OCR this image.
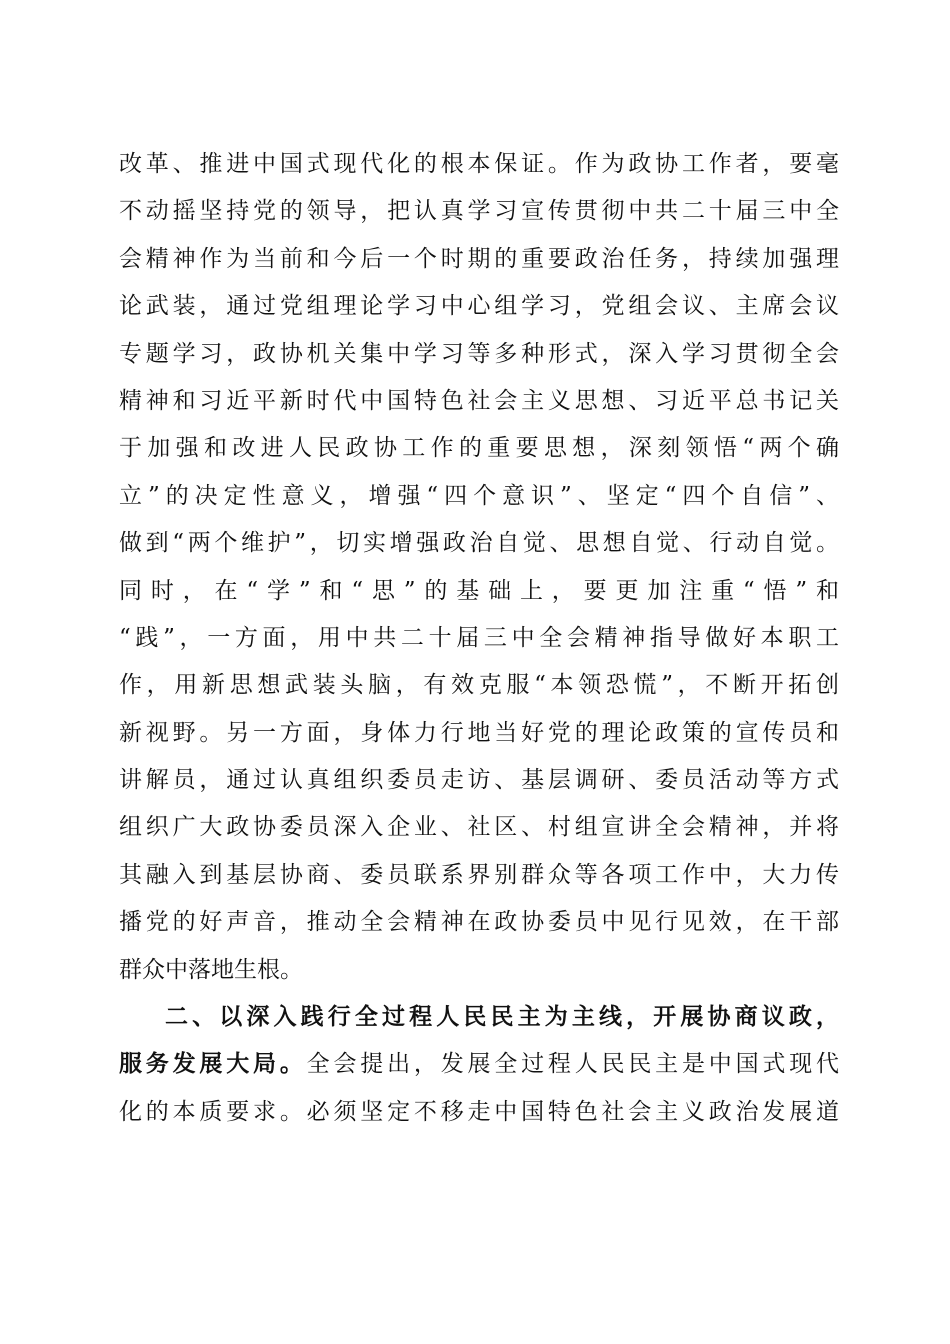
改革、推进中国式现代化的根本保证。作为政协工作者，要毫
不动摇坚持党的领导，把认真学习宣传贯彻中共二十届三中全
会精神作为当前和今后一个时期的重要政治任务，持续加强理
论武装，通过党组理论学习中心组学习，党组会议、主席会议
专题学习，政协机关集中学习等多种形式，深入学习贯彻全会
精神和习近平新时代中国特色社会主义思想、习近平总书记关
于加强和改进人民政协工作的重要思想，深刻领悟“两个确
立”的决定性意义，增强“四个意识”、坚定“四个自信”、
做到“两个维护”，切实增强政治自觉、思想自觉、行动自觉。
同时，在“学”和“思”的基础上，要更加注重“悟”和
“践”，一方面，用中共二十届三中全会精神指导做好本职工
作，用新思想武装头脑，有效克服“本领恐慌”，不断开拓创
新视野。另一方面，身体力行地当好党的理论政策的宣传员和
讲解员，通过认真组织委员走访、基层调研、委员活动等方式
组织广大政协委员深入企业、社区、村组宣讲全会精神，并将
其融入到基层协商、委员联系界别群众等各项工作中，大力传
播党的好声音，推动全会精神在政协委员中见行见效，在干部
群众中落地生根。
二、以深入践行全过程人民民主为主线，开展协商议政，
服务发展大局。全会提出，发展全过程人民民主是中国式现代
化的本质要求。必须坚定不移走中国特色社会主义政治发展道
